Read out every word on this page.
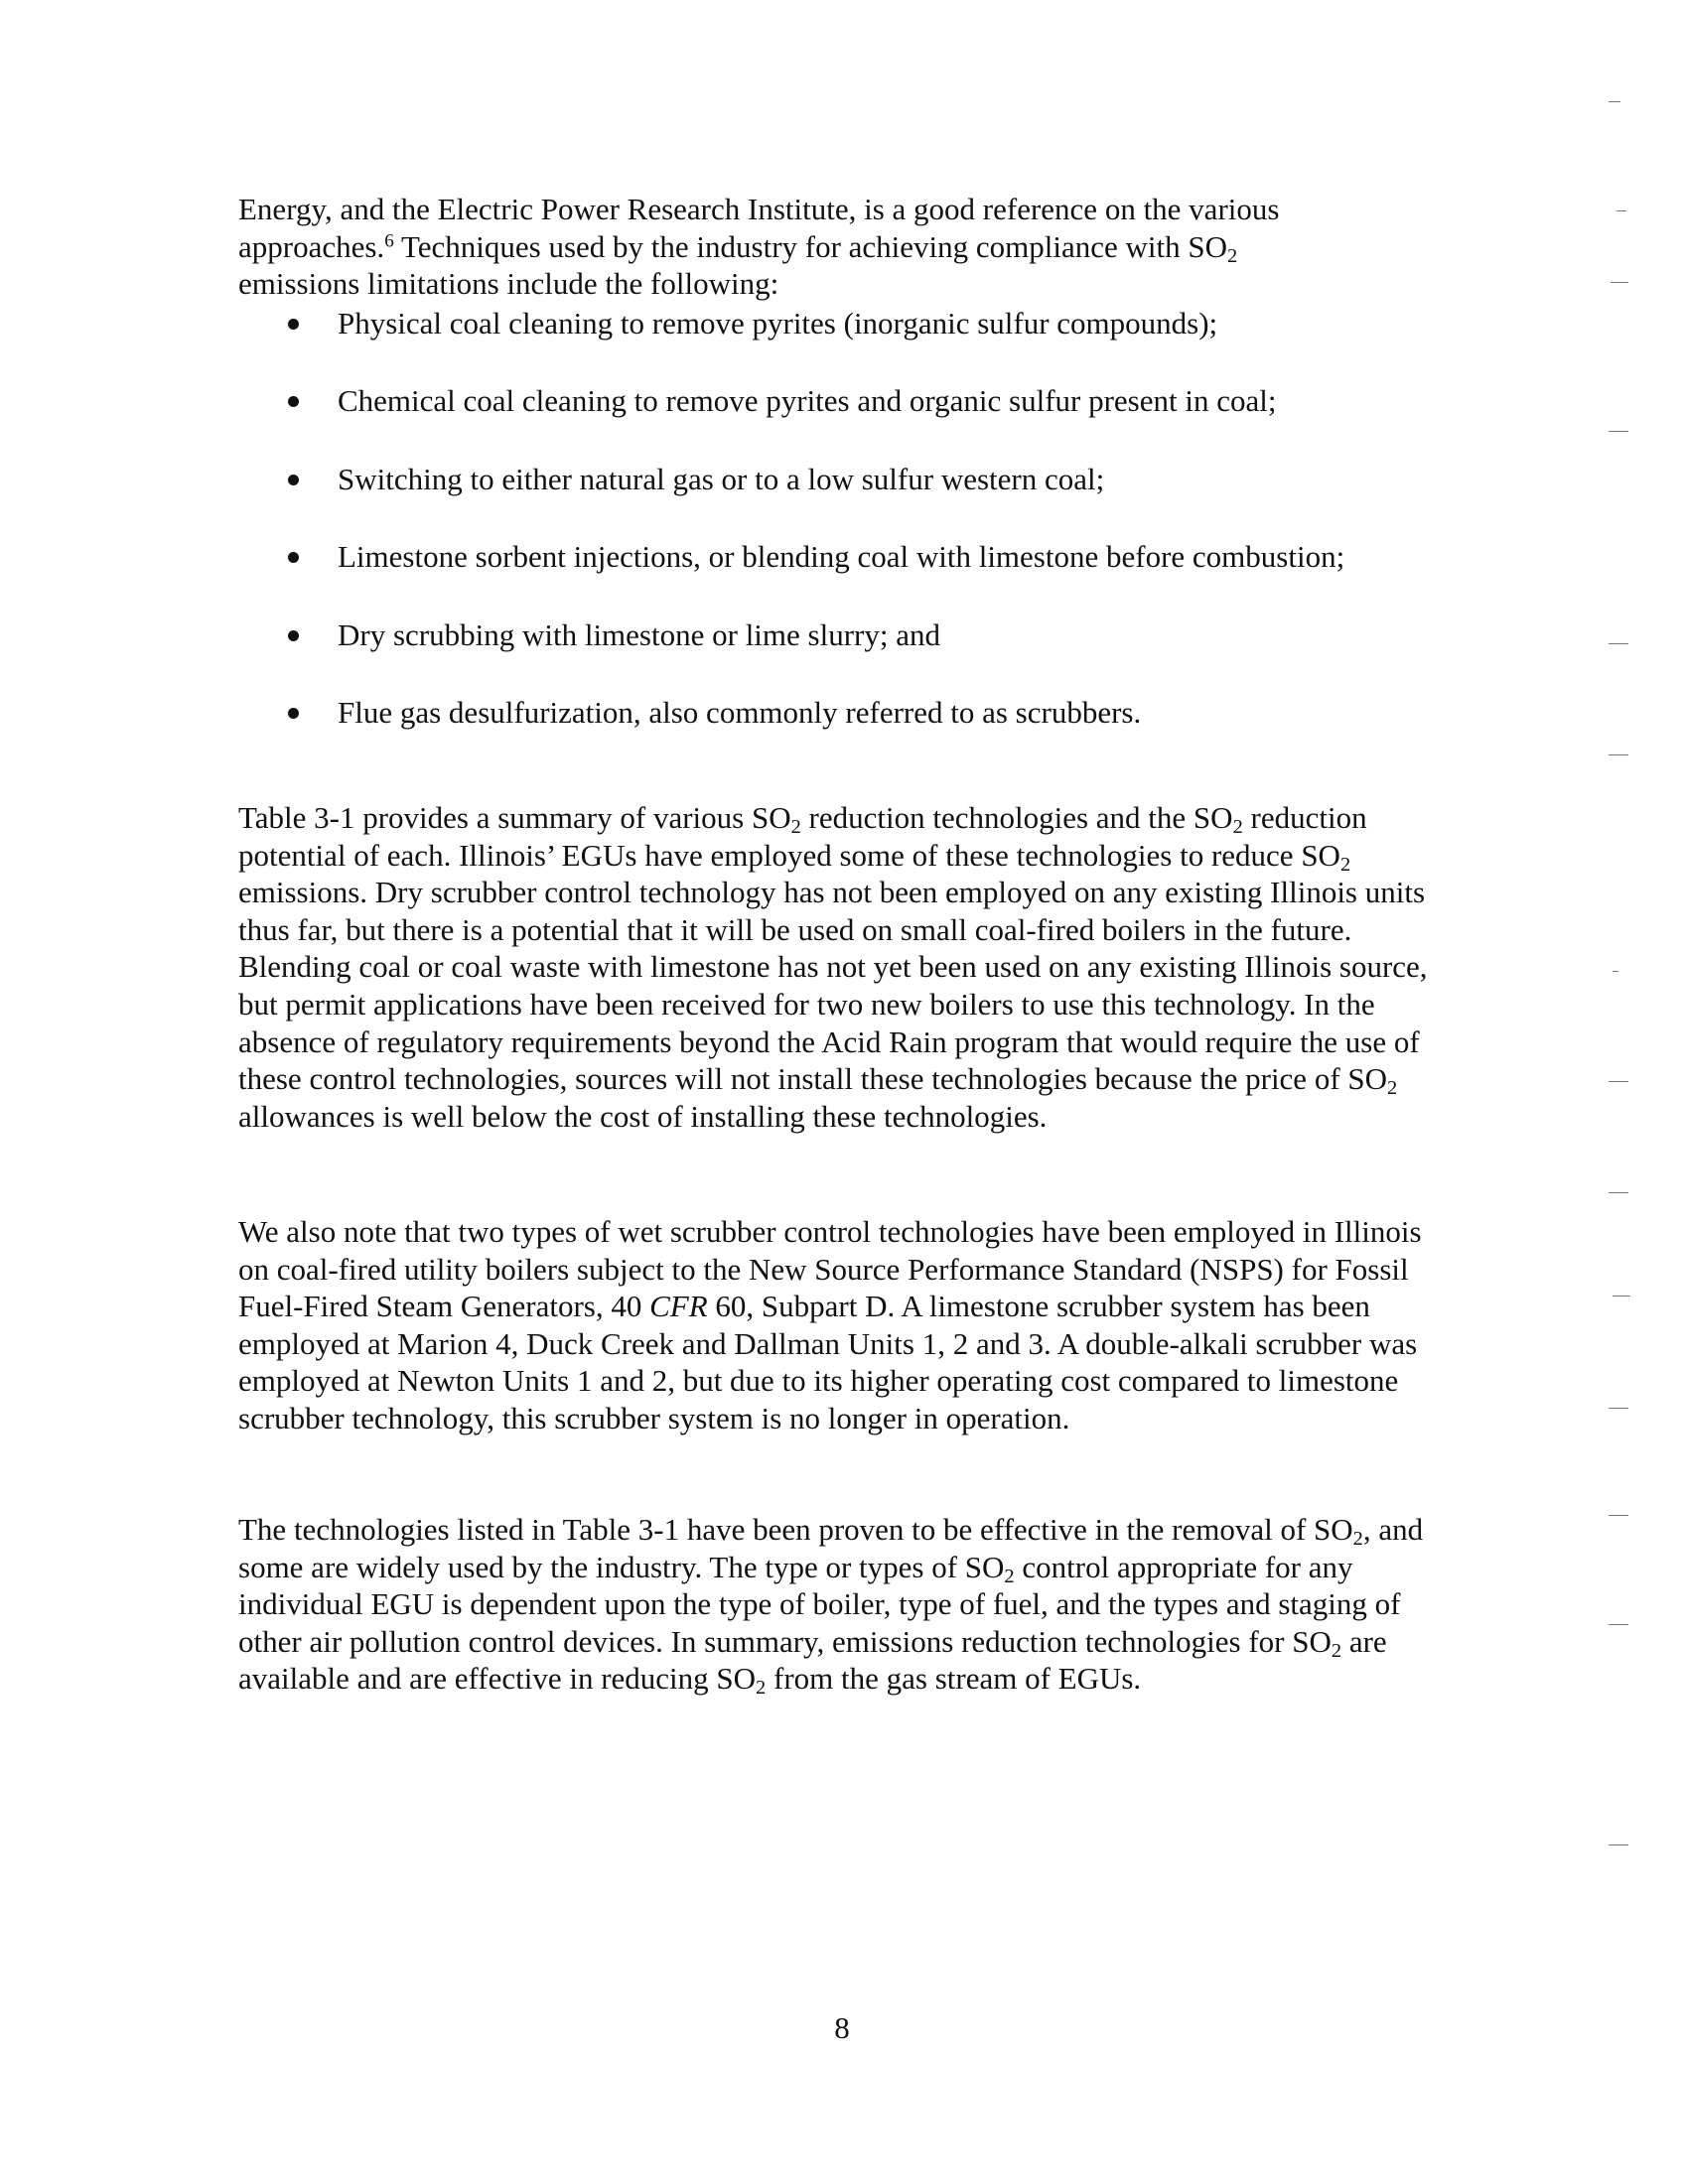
Energy, and the Electric Power Research Institute, is a good reference on the various
approaches.$^6$ Techniques used by the industry for achieving compliance with $SO_2$
emissions limitations include the following:

Physical coal cleaning to remove pyrites (inorganic sulfur compounds);
Chemical coal cleaning to remove pyrites and organic sulfur present in coal;
Switching to either natural gas or to a low sulfur western coal;
Limestone sorbent injections, or blending coal with limestone before combustion;
Dry scrubbing with limestone or lime slurry; and
Flue gas desulfurization, also commonly referred to as scrubbers.

Table 3-1 provides a summary of various $SO_2$ reduction technologies and the $SO_2$ reduction potential of each. Illinois’ EGUs have employed some of these technologies to reduce $SO_2$ emissions. Dry scrubber control technology has not been employed on any existing Illinois units thus far, but there is a potential that it will be used on small coal-fired boilers in the future. Blending coal or coal waste with limestone has not yet been used on any existing Illinois source, but permit applications have been received for two new boilers to use this technology. In the absence of regulatory requirements beyond the Acid Rain program that would require the use of these control technologies, sources will not install these technologies because the price of $SO_2$ allowances is well below the cost of installing these technologies.

We also note that two types of wet scrubber control technologies have been employed in Illinois on coal-fired utility boilers subject to the New Source Performance Standard (NSPS) for Fossil Fuel-Fired Steam Generators, 40 CFR 60, Subpart D. A limestone scrubber system has been employed at Marion 4, Duck Creek and Dallman Units 1, 2 and 3. A double-alkali scrubber was employed at Newton Units 1 and 2, but due to its higher operating cost compared to limestone scrubber technology, this scrubber system is no longer in operation.

The technologies listed in Table 3-1 have been proven to be effective in the removal of $SO_2$, and some are widely used by the industry. The type or types of $SO_2$ control appropriate for any individual EGU is dependent upon the type of boiler, type of fuel, and the types and staging of other air pollution control devices. In summary, emissions reduction technologies for $SO_2$ are available and are effective in reducing $SO_2$ from the gas stream of EGUs.

8
